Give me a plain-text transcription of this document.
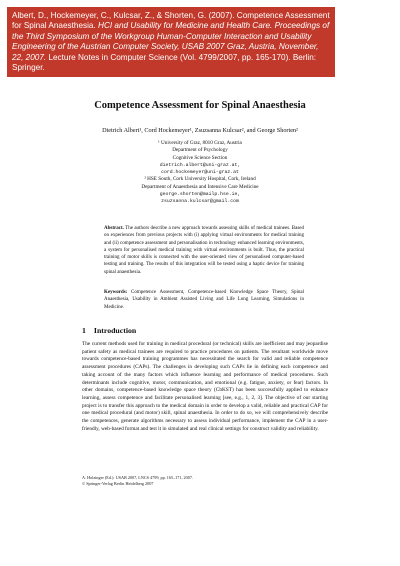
Albert, D., Hockemeyer, C., Kulcsar, Z., & Shorten, G. (2007). Competence Assessment for Spinal Anaesthesia. HCI and Usability for Medicine and Health Care. Proceedings of the Third Symposium of the Workgroup Human-Computer Interaction and Usability Engineering of the Austrian Computer Society, USAB 2007 Graz, Austria, November, 22, 2007. Lecture Notes in Computer Science (Vol. 4799/2007, pp. 165-170). Berlin: Springer.
Competence Assessment for Spinal Anaesthesia
Dietrich Albert¹, Cord Hockemeyer¹, Zsuzsanna Kulcsar², and George Shorten²
¹ University of Graz, 8010 Graz, Austria
Department of Psychology
Cognitive Science Section
dietrich.albert@uni-graz.at,
cord.hockemeyer@uni-graz.at
² HSE South, Cork University Hospital, Cork, Ireland
Department of Anaesthesia and Intensive Care Medicine
george.shorten@mailp.hse.ie,
zsuzsanna.kulcsar@gmail.com
Abstract. The authors describe a new approach towards assessing skills of medical trainees. Based on experiences from previous projects with (i) applying virtual environments for medical training and (ii) competence assessment and personalisation in technology enhanced learning environments, a system for personalised medical training with virtual environments is built. Thus, the practical training of motor skills is connected with the user-oriented view of personalised computer-based testing and training. The results of this integration will be tested using a haptic device for training spinal anaesthesia.
Keywords: Competence Assessment, Competence-based Knowledge Space Theory, Spinal Anaesthesia, Usability in Ambient Assisted Living and Life Long Learning, Simulations in Medicine.
1 Introduction
The current methods used for training in medical procedural (or technical) skills are inefficient and may jeopardise patient safety as medical trainees are required to practice procedures on patients. The resultant worldwide move towards competence-based training programmes has necessitated the search for valid and reliable competence assessment procedures (CAPs). The challenges in developing such CAPs lie in defining each competence and taking account of the many factors which influence learning and performance of medical procedures. Such determinants include cognitive, motor, communication, and emotional (e.g. fatigue, anxiety, or fear) factors. In other domains, competence-based knowledge space theory (CbKST) has been successfully applied to enhance learning, assess competence and facilitate personalised learning [see, e.g., 1, 2, 3]. The objective of our starting project is to transfer this approach to the medical domain in order to develop a valid, reliable and practical CAP for one medical procedural (and motor) skill, spinal anaesthesia. In order to do so, we will comprehensively describe the competences, generate algorithms necessary to assess individual performance, implement the CAP in a user-friendly, web-based format and test it in simulated and real clinical settings for construct validity and reliability.
A. Holzinger (Ed.): USAB 2007, LNCS 4799, pp. 165–171, 2007.
© Springer-Verlag Berlin Heidelberg 2007
